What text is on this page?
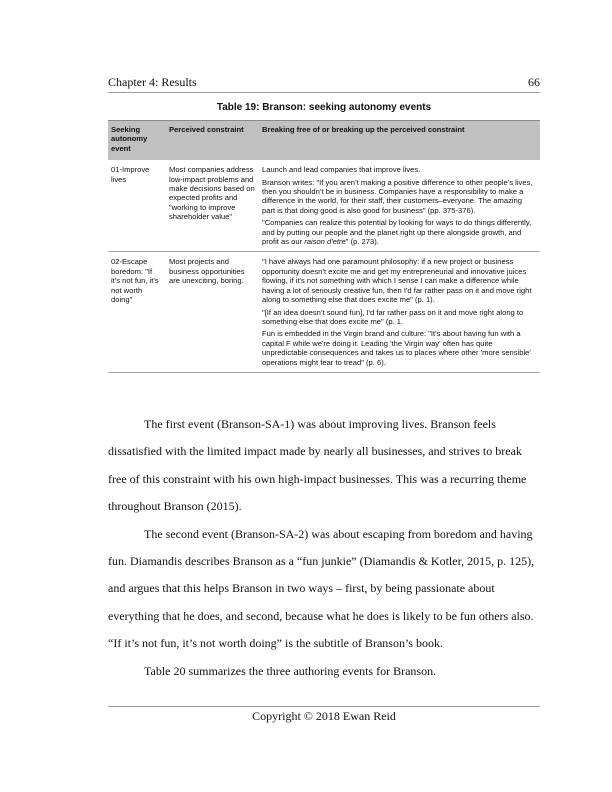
Chapter 4: Results	66
Table 19: Branson: seeking autonomy events
Seeking autonomy event	Perceived constraint	Breaking free of or breaking up the perceived constraint
01-Improve lives	Most companies address low-impact problems and make decisions based on expected profits and "working to improve shareholder value"	Launch and lead companies that improve lives.

Branson writes: "If you aren’t making a positive difference to other people’s lives, then you shouldn’t be in business. Companies have a responsibility to make a difference in the world, for their staff, their customers–everyone. The amazing part is that doing good is also good for business" (pp. 375-376).

"Companies can realize this potential by looking for ways to do things differently, and by putting our people and the planet right up there alongside growth, and profit as our raison d'etre" (p. 273).

02-Escape boredom: "If it's not fun, it's not worth doing"	Most projects and business opportunities are unexciting, boring.	"I have always had one paramount philosophy: if a new project or business opportunity doesn’t excite me and get my entrepreneurial and innovative juices flowing, if it's not something with which I sense I can make a difference while having a lot of seriously creative fun, then I'd far rather pass on it and move right along to something else that does excite me" (p. 1).

"[If an idea doesn’t sound fun], I'd far rather pass on it and move right along to something else that does excite me" (p. 1.

Fun is embedded in the Virgin brand and culture: "It's about having fun with a capital F while we're doing it. Leading 'the Virgin way' often has quite unpredictable consequences and takes us to places where other 'more sensible' operations might fear to tread" (p. 6).

The first event (Branson-SA-1) was about improving lives. Branson feels dissatisfied with the limited impact made by nearly all businesses, and strives to break free of this constraint with his own high-impact businesses. This was a recurring theme throughout Branson (2015).

The second event (Branson-SA-2) was about escaping from boredom and having fun. Diamandis describes Branson as a “fun junkie” (Diamandis & Kotler, 2015, p. 125), and argues that this helps Branson in two ways – first, by being passionate about everything that he does, and second, because what he does is likely to be fun others also. “If it’s not fun, it’s not worth doing” is the subtitle of Branson’s book.

Table 20 summarizes the three authoring events for Branson.

Copyright © 2018 Ewan Reid
